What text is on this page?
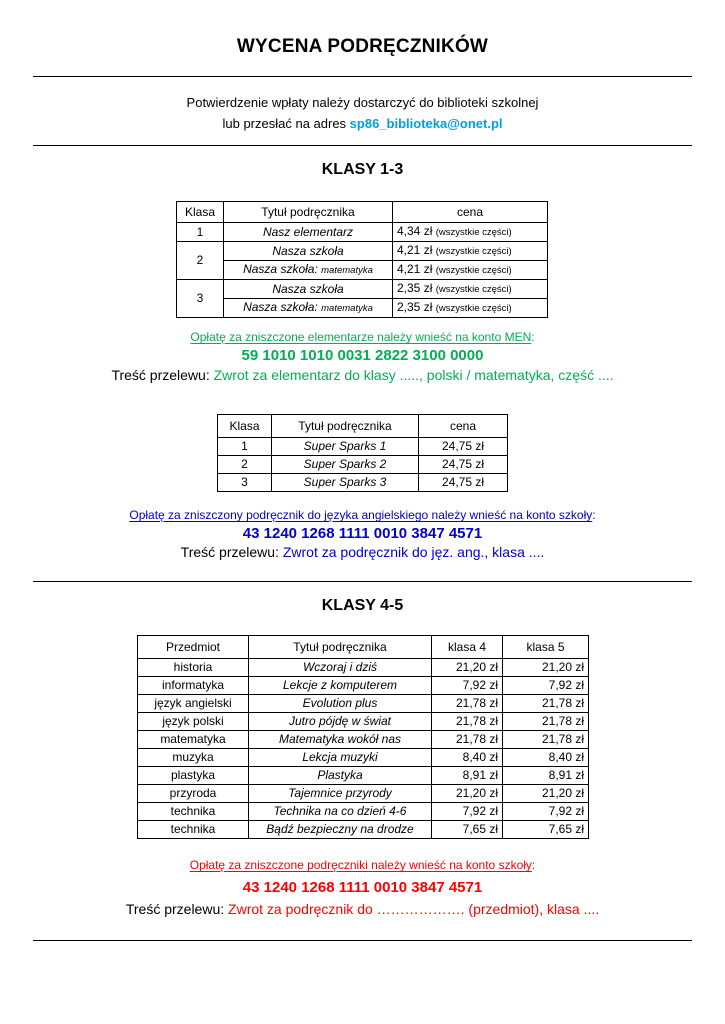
WYCENA PODRĘCZNIKÓW
Potwierdzenie wpłaty należy dostarczyć do biblioteki szkolnej
lub przesłać na adres sp86_biblioteka@onet.pl
KLASY 1-3
Klasa	Tytuł podręcznika	cena
1	Nasz elementarz	4,34 zł (wszystkie części)
2	Nasza szkoła	4,21 zł (wszystkie części)
	Nasza szkoła: matematyka	4,21 zł (wszystkie części)
3	Nasza szkoła	2,35 zł (wszystkie części)
	Nasza szkoła: matematyka	2,35 zł (wszystkie części)
Opłatę za zniszczone elementarze należy wnieść na konto MEN:
59 1010 1010 0031 2822 3100 0000
Treść przelewu: Zwrot za elementarz do klasy ....., polski / matematyka, część ....
Klasa	Tytuł podręcznika	cena
1	Super Sparks 1	24,75 zł
2	Super Sparks 2	24,75 zł
3	Super Sparks 3	24,75 zł
Opłatę za zniszczony podręcznik do języka angielskiego należy wnieść na konto szkoły:
43 1240 1268 1111 0010 3847 4571
Treść przelewu: Zwrot za podręcznik do jęz. ang., klasa ....
KLASY 4-5
Przedmiot	Tytuł podręcznika	klasa 4	klasa 5
historia	Wczoraj i dziś	21,20 zł	21,20 zł
informatyka	Lekcje z komputerem	7,92 zł	7,92 zł
język angielski	Evolution plus	21,78 zł	21,78 zł
język polski	Jutro pójdę w świat	21,78 zł	21,78 zł
matematyka	Matematyka wokół nas	21,78 zł	21,78 zł
muzyka	Lekcja muzyki	8,40 zł	8,40 zł
plastyka	Plastyka	8,91 zł	8,91 zł
przyroda	Tajemnice przyrody	21,20 zł	21,20 zł
technika	Technika na co dzień 4-6	7,92 zł	7,92 zł
technika	Bądź bezpieczny na drodze	7,65 zł	7,65 zł
Opłatę za zniszczone podręczniki należy wnieść na konto szkoły:
43 1240 1268 1111 0010 3847 4571
Treść przelewu: Zwrot za podręcznik do ………………. (przedmiot), klasa ....
